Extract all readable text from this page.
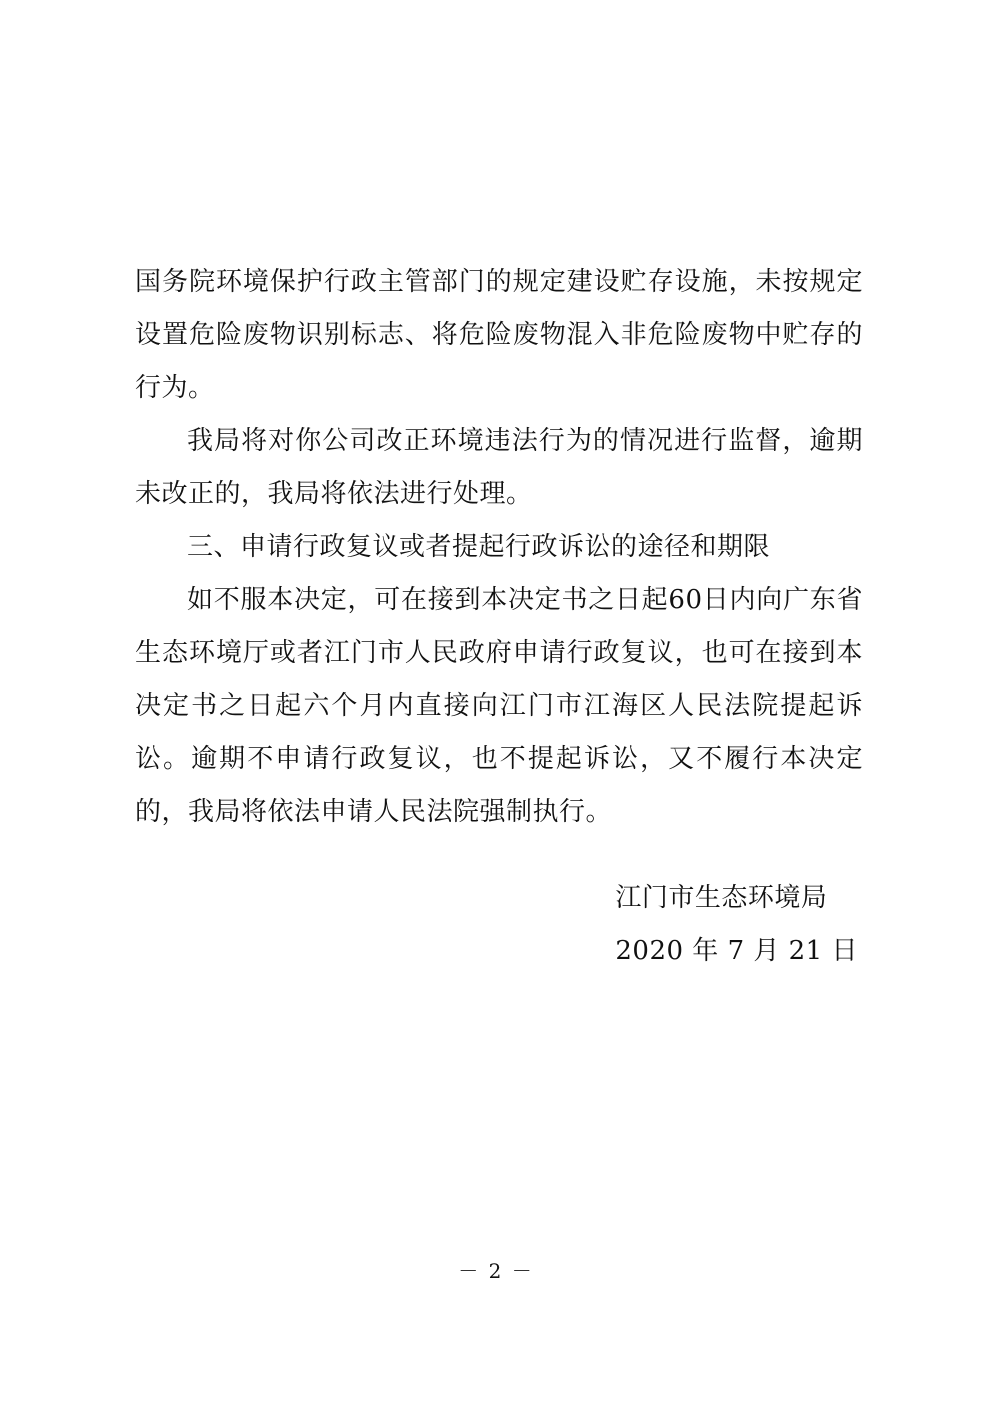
国务院环境保护行政主管部门的规定建设贮存设施，未按规定设置危险废物识别标志、将危险废物混入非危险废物中贮存的行为。

我局将对你公司改正环境违法行为的情况进行监督，逾期未改正的，我局将依法进行处理。

三、申请行政复议或者提起行政诉讼的途径和期限

如不服本决定，可在接到本决定书之日起60日内向广东省生态环境厅或者江门市人民政府申请行政复议，也可在接到本决定书之日起六个月内直接向江门市江海区人民法院提起诉讼。逾期不申请行政复议，也不提起诉讼，又不履行本决定的，我局将依法申请人民法院强制执行。

江门市生态环境局
2020 年 7 月 21 日
－ 2 －
